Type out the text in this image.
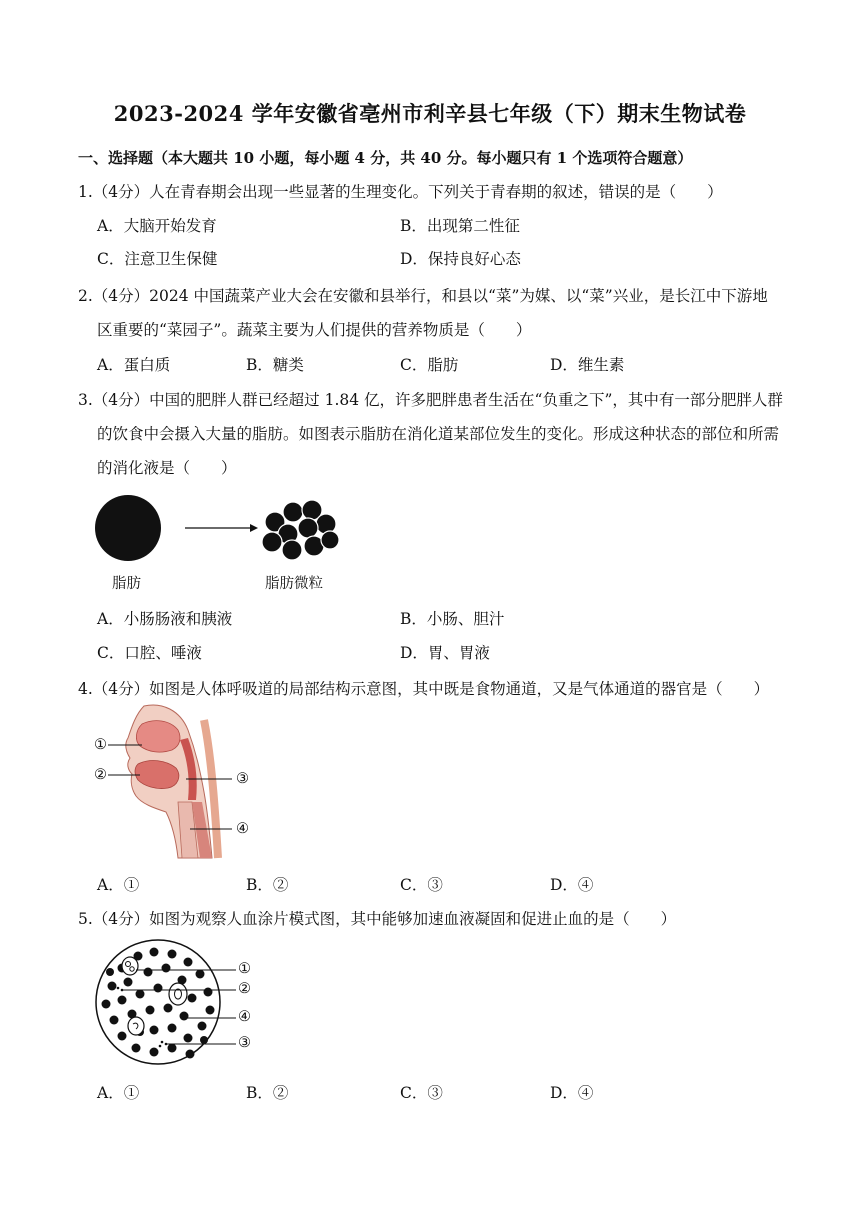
2023-2024 学年安徽省亳州市利辛县七年级（下）期末生物试卷
一、选择题（本大题共 10 小题，每小题 4 分，共 40 分。每小题只有 1 个选项符合题意）
1.（4分）人在青春期会出现一些显著的生理变化。下列关于青春期的叙述，错误的是（　　）
A．大脑开始发育	B．出现第二性征
C．注意卫生保健	D．保持良好心态
2.（4分）2024 中国蔬菜产业大会在安徽和县举行，和县以“菜”为媒、以“菜”兴业，是长江中下游地
区重要的“菜园子”。蔬菜主要为人们提供的营养物质是（　　）
A．蛋白质	B．糖类	C．脂肪	D．维生素
3.（4分）中国的肥胖人群已经超过 1.84 亿，许多肥胖患者生活在“负重之下”，其中有一部分肥胖人群
的饮食中会摄入大量的脂肪。如图表示脂肪在消化道某部位发生的变化。形成这种状态的部位和所需
的消化液是（　　）
脂肪	脂肪微粒
A．小肠肠液和胰液	B．小肠、胆汁
C．口腔、唾液	D．胃、胃液
4.（4分）如图是人体呼吸道的局部结构示意图，其中既是食物通道，又是气体通道的器官是（　　）
①
②	③
④
A．①	B．②	C．③	D．④
5.（4分）如图为观察人血涂片模式图，其中能够加速血液凝固和促进止血的是（　　）
①
②
④
③
A．①	B．②	C．③	D．④
